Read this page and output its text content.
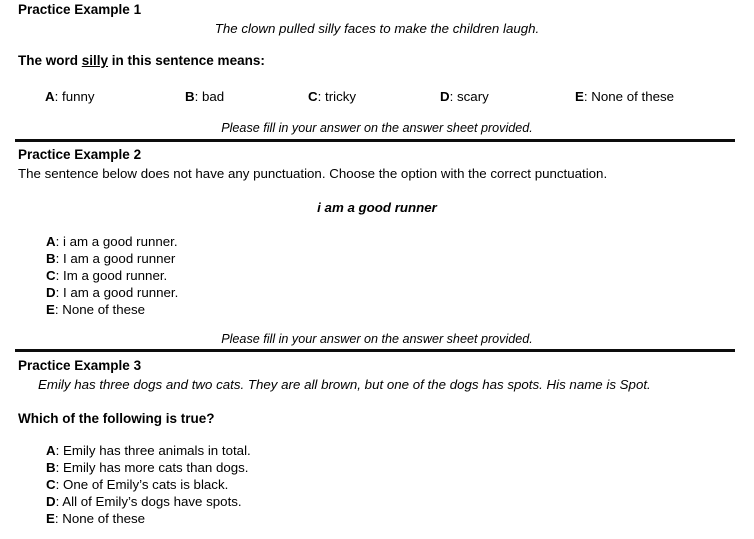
Practice Example 1
The clown pulled silly faces to make the children laugh.
The word silly in this sentence means:
A: funny	B: bad	C: tricky	D: scary	E: None of these
Please fill in your answer on the answer sheet provided.
Practice Example 2
The sentence below does not have any punctuation. Choose the option with the correct punctuation.
i am a good runner
A: i am a good runner.
B: I am a good runner
C: Im a good runner.
D: I am a good runner.
E: None of these
Please fill in your answer on the answer sheet provided.
Practice Example 3
Emily has three dogs and two cats. They are all brown, but one of the dogs has spots. His name is Spot.
Which of the following is true?
A: Emily has three animals in total.
B: Emily has more cats than dogs.
C: One of Emily’s cats is black.
D: All of Emily’s dogs have spots.
E: None of these
